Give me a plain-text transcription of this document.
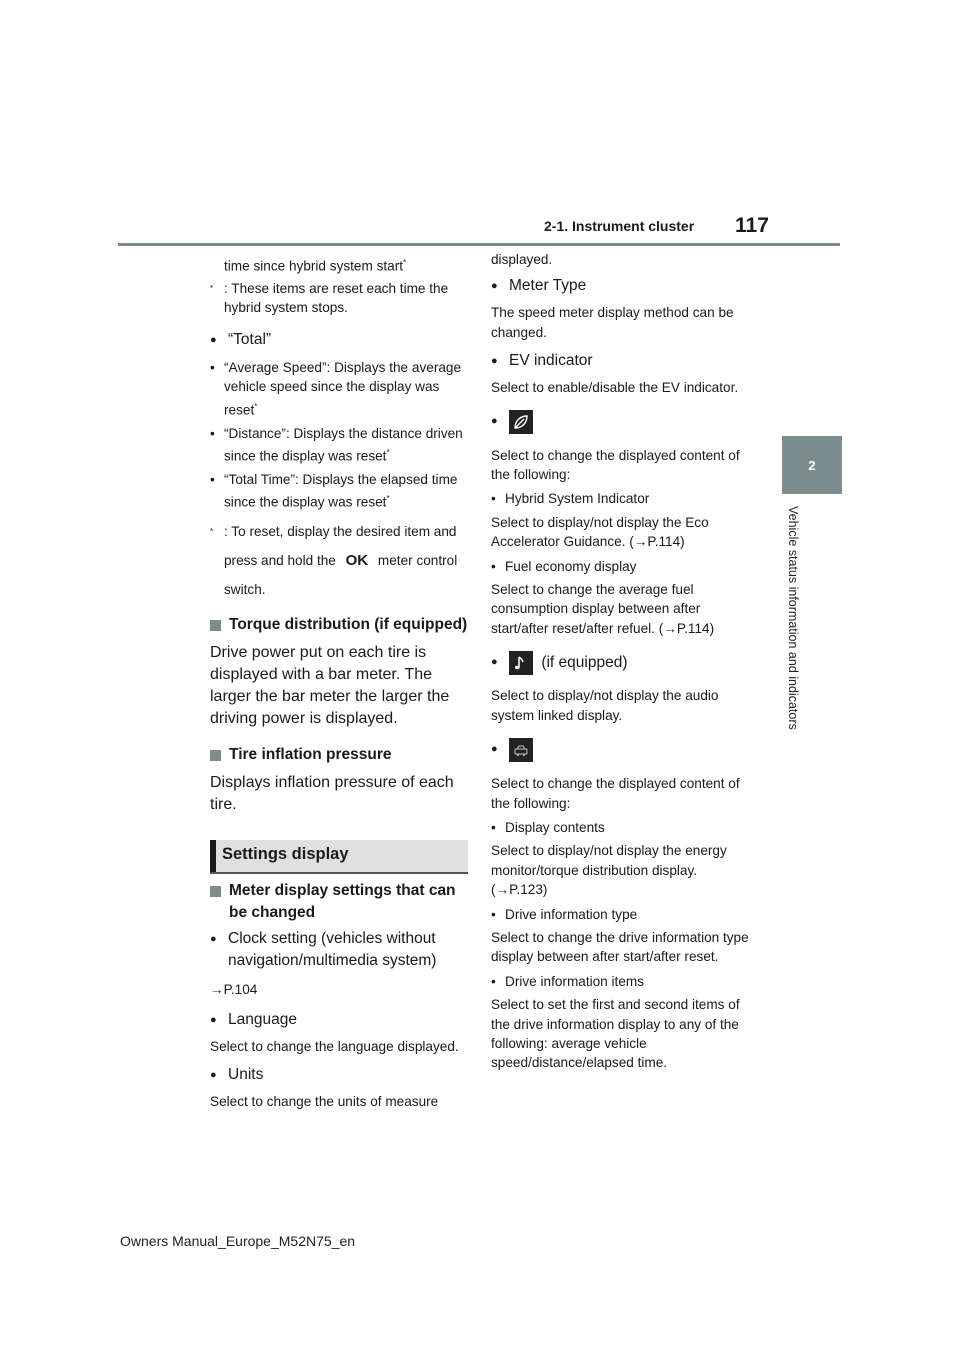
2-1. Instrument cluster 117
2
Vehicle status information and indicators

time since hybrid system start*

* : These items are reset each time the hybrid system stops.
● “Total”
• “Average Speed”: Displays the average vehicle speed since the display was reset*
• “Distance”: Displays the distance driven since the display was reset*
• “Total Time”: Displays the elapsed time since the display was reset*
* : To reset, display the desired item and press and hold the OK meter control switch.
Torque distribution (if equipped)

Drive power put on each tire is displayed with a bar meter. The larger the bar meter the larger the driving power is displayed.

Tire inflation pressure

Displays inflation pressure of each tire.

Settings display
Meter display settings that can be changed
● Clock setting (vehicles without navigation/multimedia system)

→P.104

● Language

Select to change the language displayed.

● Units

Select to change the units of measure

displayed.

● Meter Type

The speed meter display method can be changed.

● EV indicator

Select to enable/disable the EV indicator.

●

Select to change the displayed content of the following:

• Hybrid System Indicator

Select to display/not display the Eco Accelerator Guidance. (→P.114)

• Fuel economy display

Select to change the average fuel consumption display between after start/after reset/after refuel. (→P.114)

● (if equipped)

Select to display/not display the audio system linked display.

●

Select to change the displayed content of the following:

• Display contents

Select to display/not display the energy monitor/torque distribution display. (→P.123)

• Drive information type

Select to change the drive information type display between after start/after reset.

• Drive information items

Select to set the first and second items of the drive information display to any of the following: average vehicle speed/distance/elapsed time.

Owners Manual_Europe_M52N75_en
